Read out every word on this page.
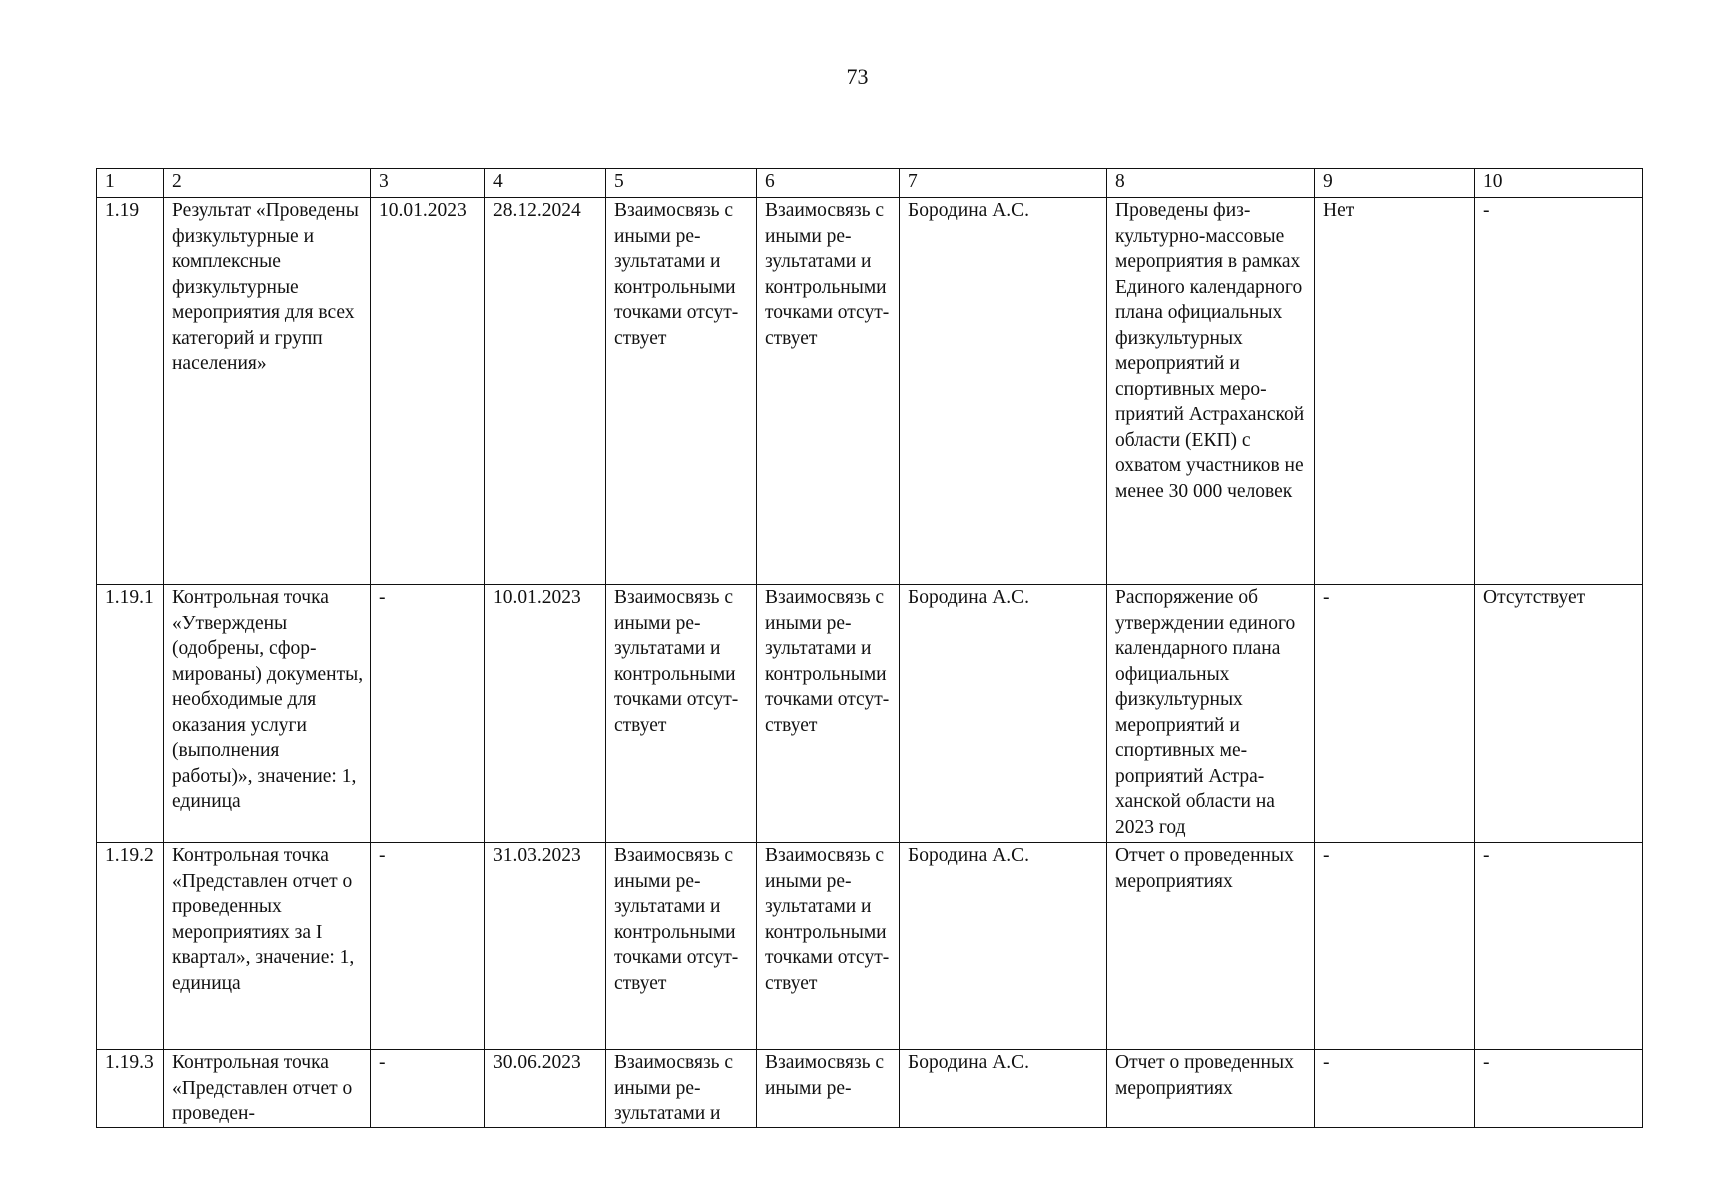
73
1	2	3	4	5	6	7	8	9	10
1.19	Результат «Проведены физкультурные и комплексные физкультурные мероприятия для всех категорий и групп населения»	10.01.2023	28.12.2024	Взаимосвязь с иными результатами и контрольными точками отсутствует	Взаимосвязь с иными результатами и контрольными точками отсутствует	Бородина А.С.	Проведены физкультурно-массовые мероприятия в рамках Единого календарного плана официальных физкультурных мероприятий и спортивных мероприятий Астраханской области (ЕКП) с охватом участников не менее 30 000 человек	Нет	-
1.19.1	Контрольная точка «Утверждены (одобрены, сформированы) документы, необходимые для оказания услуги (выполнения работы)», значение: 1, единица	-	10.01.2023	Взаимосвязь с иными результатами и контрольными точками отсутствует	Взаимосвязь с иными результатами и контрольными точками отсутствует	Бородина А.С.	Распоряжение об утверждении единого календарного плана официальных физкультурных мероприятий и спортивных мероприятий Астраханской области на 2023 год	-	Отсутствует
1.19.2	Контрольная точка «Представлен отчет о проведенных мероприятиях за I квартал», значение: 1, единица	-	31.03.2023	Взаимосвязь с иными результатами и контрольными точками отсутствует	Взаимосвязь с иными результатами и контрольными точками отсутствует	Бородина А.С.	Отчет о проведенных мероприятиях	-	-
1.19.3	Контрольная точка «Представлен отчет о проведен-	-	30.06.2023	Взаимосвязь с иными результатами и	Взаимосвязь с иными ре-	Бородина А.С.	Отчет о проведенных мероприятиях	-	-
